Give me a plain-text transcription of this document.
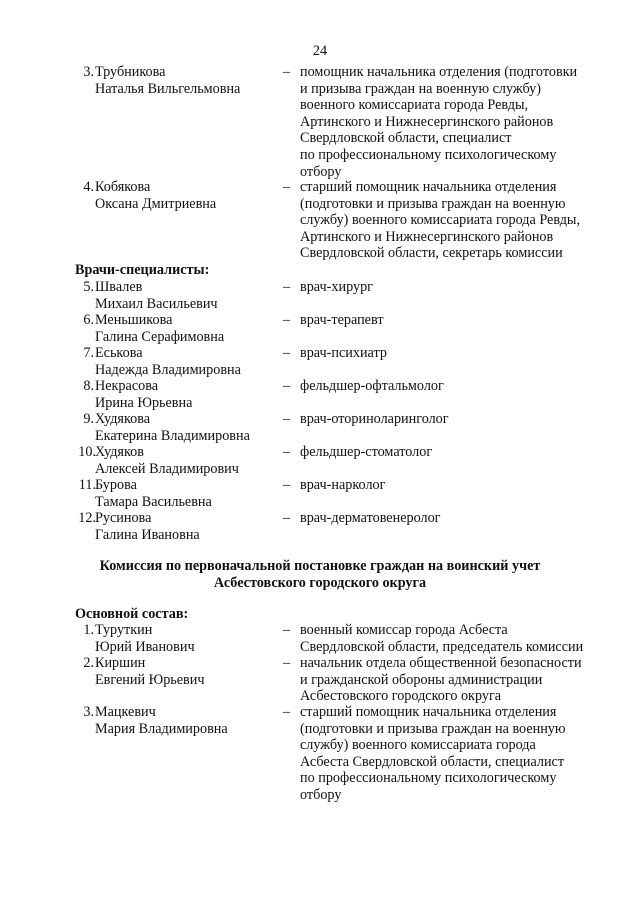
24
3. Трубникова
Наталья Вильгельмовна
– помощник начальника отделения (подготовки
и призыва граждан на военную службу)
военного комиссариата города Ревды,
Артинского и Нижнесергинского районов
Свердловской области, специалист
по профессиональному психологическому
отбору
4. Кобякова
Оксана Дмитриевна
– старший помощник начальника отделения
(подготовки и призыва граждан на военную
службу) военного комиссариата города Ревды,
Артинского и Нижнесергинского районов
Свердловской области, секретарь комиссии
Врачи-специалисты:
5. Швалев
Михаил Васильевич
– врач-хирург
6. Меньшикова
Галина Серафимовна
– врач-терапевт
7. Еськова
Надежда Владимировна
– врач-психиатр
8. Некрасова
Ирина Юрьевна
– фельдшер-офтальмолог
9. Худякова
Екатерина Владимировна
– врач-оториноларинголог
10. Худяков
Алексей Владимирович
– фельдшер-стоматолог
11. Бурова
Тамара Васильевна
– врач-нарколог
12. Русинова
Галина Ивановна
– врач-дерматовенеролог
Комиссия по первоначальной постановке граждан на воинский учет
Асбестовского городского округа
Основной состав:
1. Туруткин
Юрий Иванович
– военный комиссар города Асбеста
Свердловской области, председатель комиссии
2. Киршин
Евгений Юрьевич
– начальник отдела общественной безопасности
и гражданской обороны администрации
Асбестовского городского округа
3. Мацкевич
Мария Владимировна
– старший помощник начальника отделения
(подготовки и призыва граждан на военную
службу) военного комиссариата города
Асбеста Свердловской области, специалист
по профессиональному психологическому
отбору
